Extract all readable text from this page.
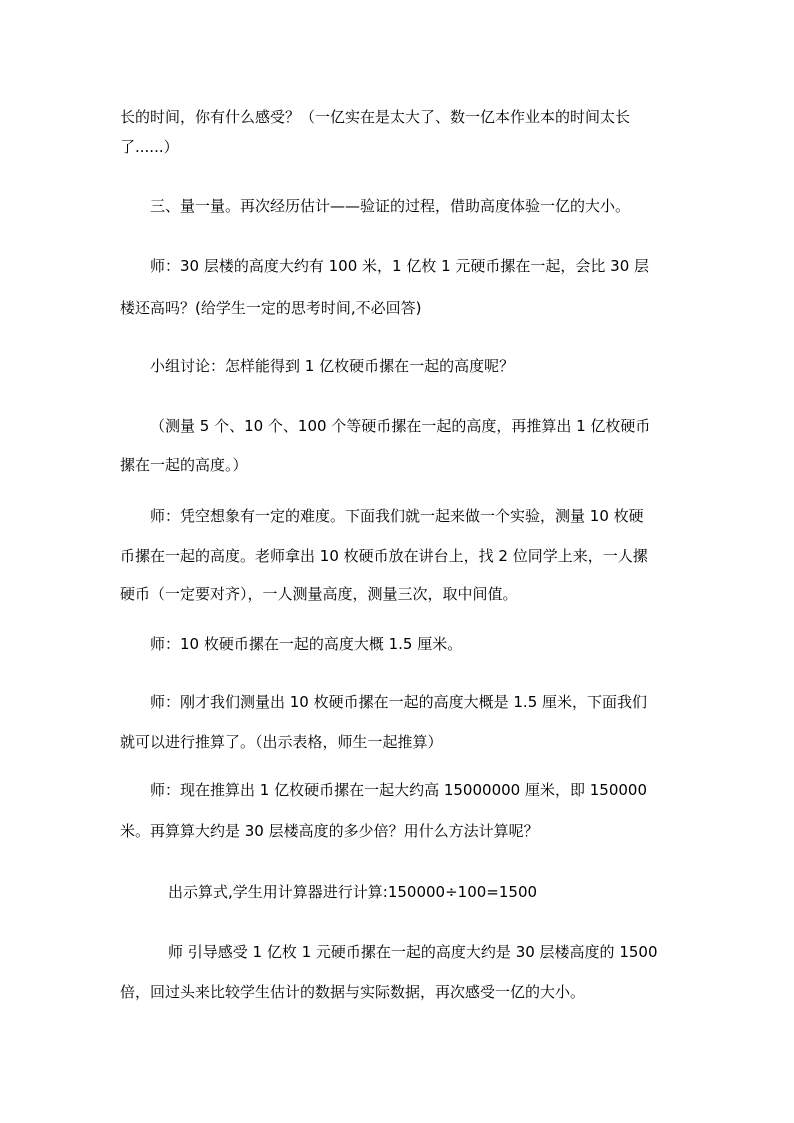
长的时间，你有什么感受？（一亿实在是太大了、数一亿本作业本的时间太长
了......）
三、量一量。再次经历估计——验证的过程，借助高度体验一亿的大小。
师：30 层楼的高度大约有 100 米，1 亿枚 1 元硬币摞在一起，会比 30 层
楼还高吗？(给学生一定的思考时间,不必回答)
小组讨论：怎样能得到 1 亿枚硬币摞在一起的高度呢？
（测量 5 个、10 个、100 个等硬币摞在一起的高度，再推算出 1 亿枚硬币
摞在一起的高度。）
师：凭空想象有一定的难度。下面我们就一起来做一个实验，测量 10 枚硬
币摞在一起的高度。老师拿出 10 枚硬币放在讲台上，找 2 位同学上来，一人摞
硬币（一定要对齐），一人测量高度，测量三次，取中间值。
师：10 枚硬币摞在一起的高度大概 1.5 厘米。
师：刚才我们测量出 10 枚硬币摞在一起的高度大概是 1.5 厘米，下面我们
就可以进行推算了。（出示表格，师生一起推算）
师：现在推算出 1 亿枚硬币摞在一起大约高 15000000 厘米，即 150000
米。再算算大约是 30 层楼高度的多少倍？用什么方法计算呢？
出示算式,学生用计算器进行计算:150000÷100=1500
师 引导感受 1 亿枚 1 元硬币摞在一起的高度大约是 30 层楼高度的 1500
倍，回过头来比较学生估计的数据与实际数据，再次感受一亿的大小。
